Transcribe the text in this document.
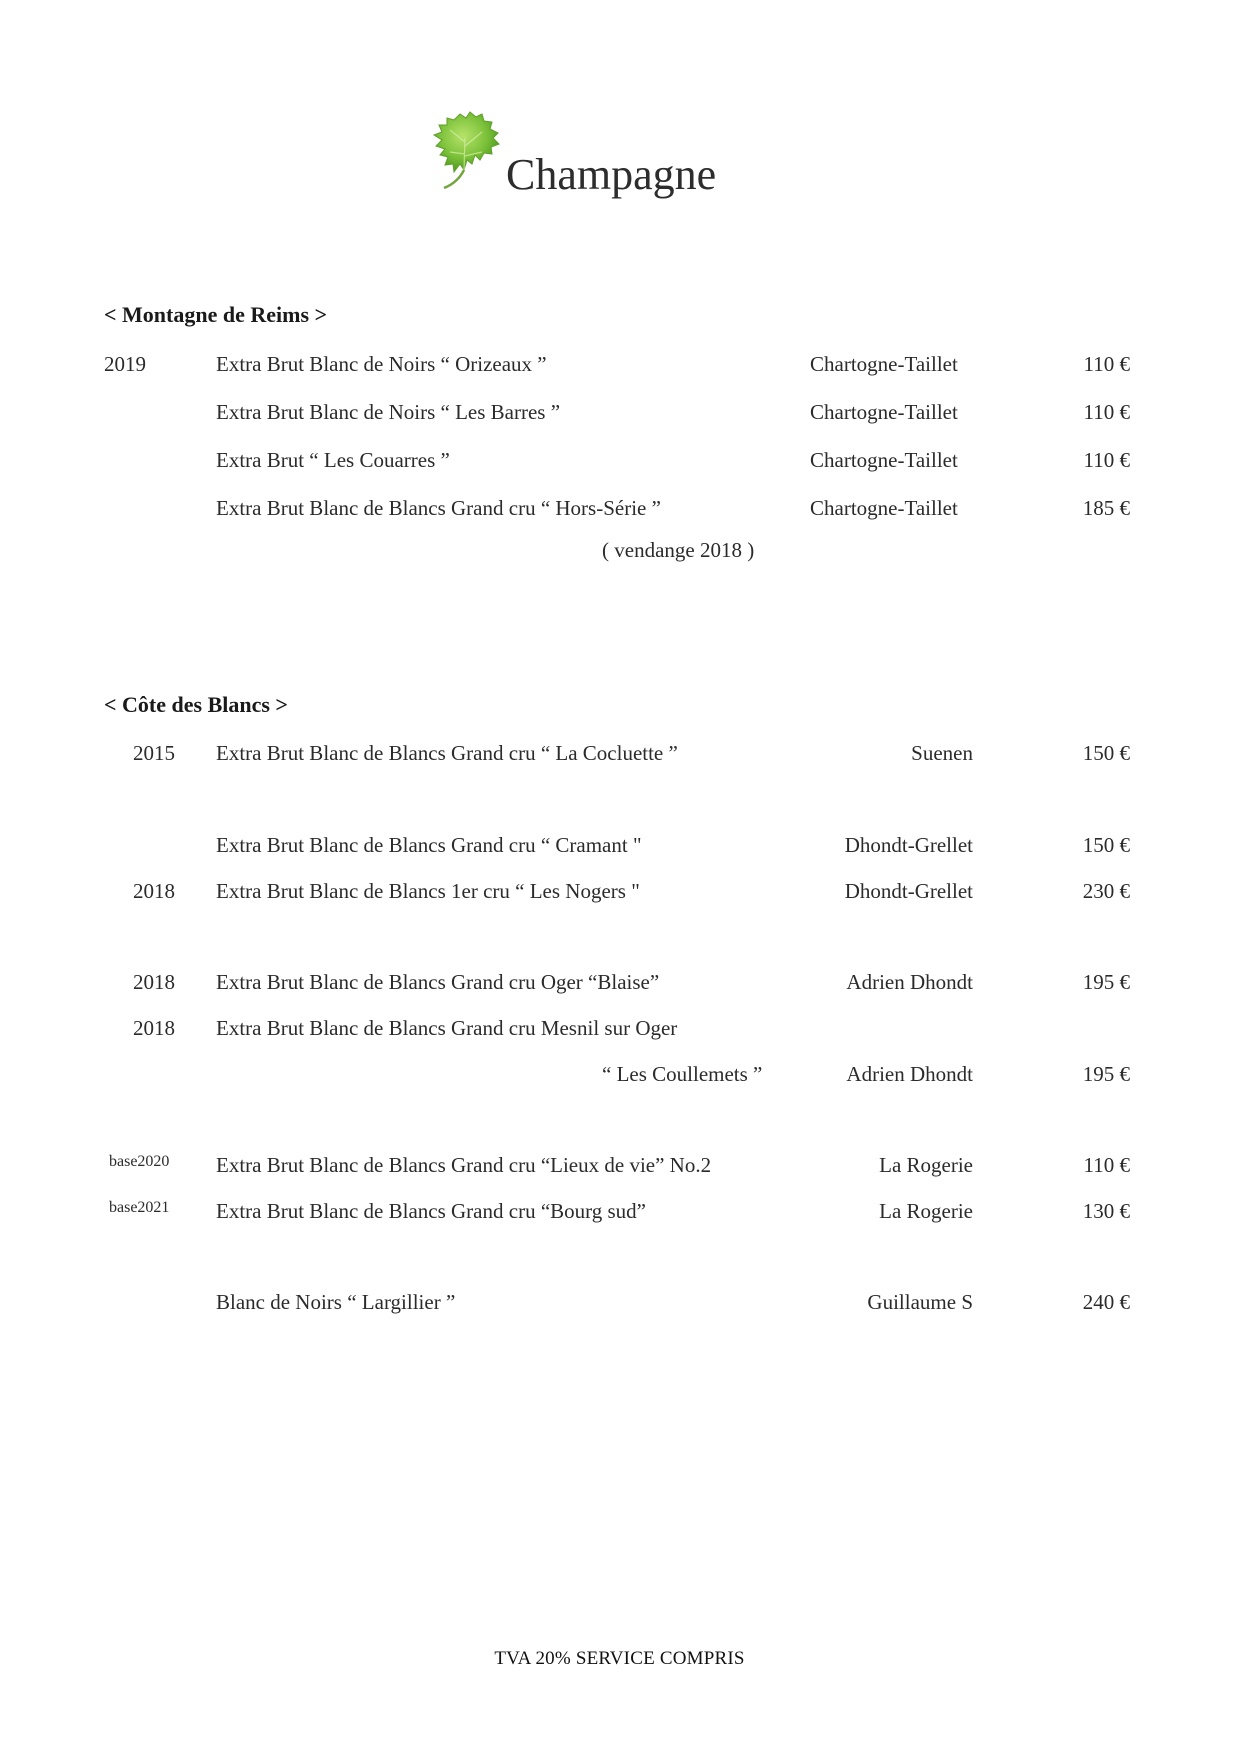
Champagne
< Montagne de Reims >
2019	Extra Brut Blanc de Noirs “ Orizeaux ”	Chartogne-Taillet	110 €
Extra Brut Blanc de Noirs “ Les Barres ”	Chartogne-Taillet	110 €
Extra Brut “ Les Couarres ”	Chartogne-Taillet	110 €
Extra Brut Blanc de Blancs Grand cru “ Hors-Série ”	Chartogne-Taillet	185 €
( vendange 2018 )
< Côte des Blancs >
2015 Extra Brut Blanc de Blancs Grand cru “ La Cocluette ”	Suenen	150 €
Extra Brut Blanc de Blancs Grand cru “ Cramant "	Dhondt-Grellet	150 €
2018 Extra Brut Blanc de Blancs 1er cru “ Les Nogers "	Dhondt-Grellet	230 €
2018 Extra Brut Blanc de Blancs Grand cru Oger “Blaise”	Adrien Dhondt	195 €
2018 Extra Brut Blanc de Blancs Grand cru Mesnil sur Oger
“ Les Coullemets ”	Adrien Dhondt	195 €
base2020 Extra Brut Blanc de Blancs Grand cru “Lieux de vie” No.2	La Rogerie	110 €
base2021 Extra Brut Blanc de Blancs Grand cru “Bourg sud”	La Rogerie	130 €
Blanc de Noirs “ Largillier ”	Guillaume S	240 €
TVA 20% SERVICE COMPRIS
